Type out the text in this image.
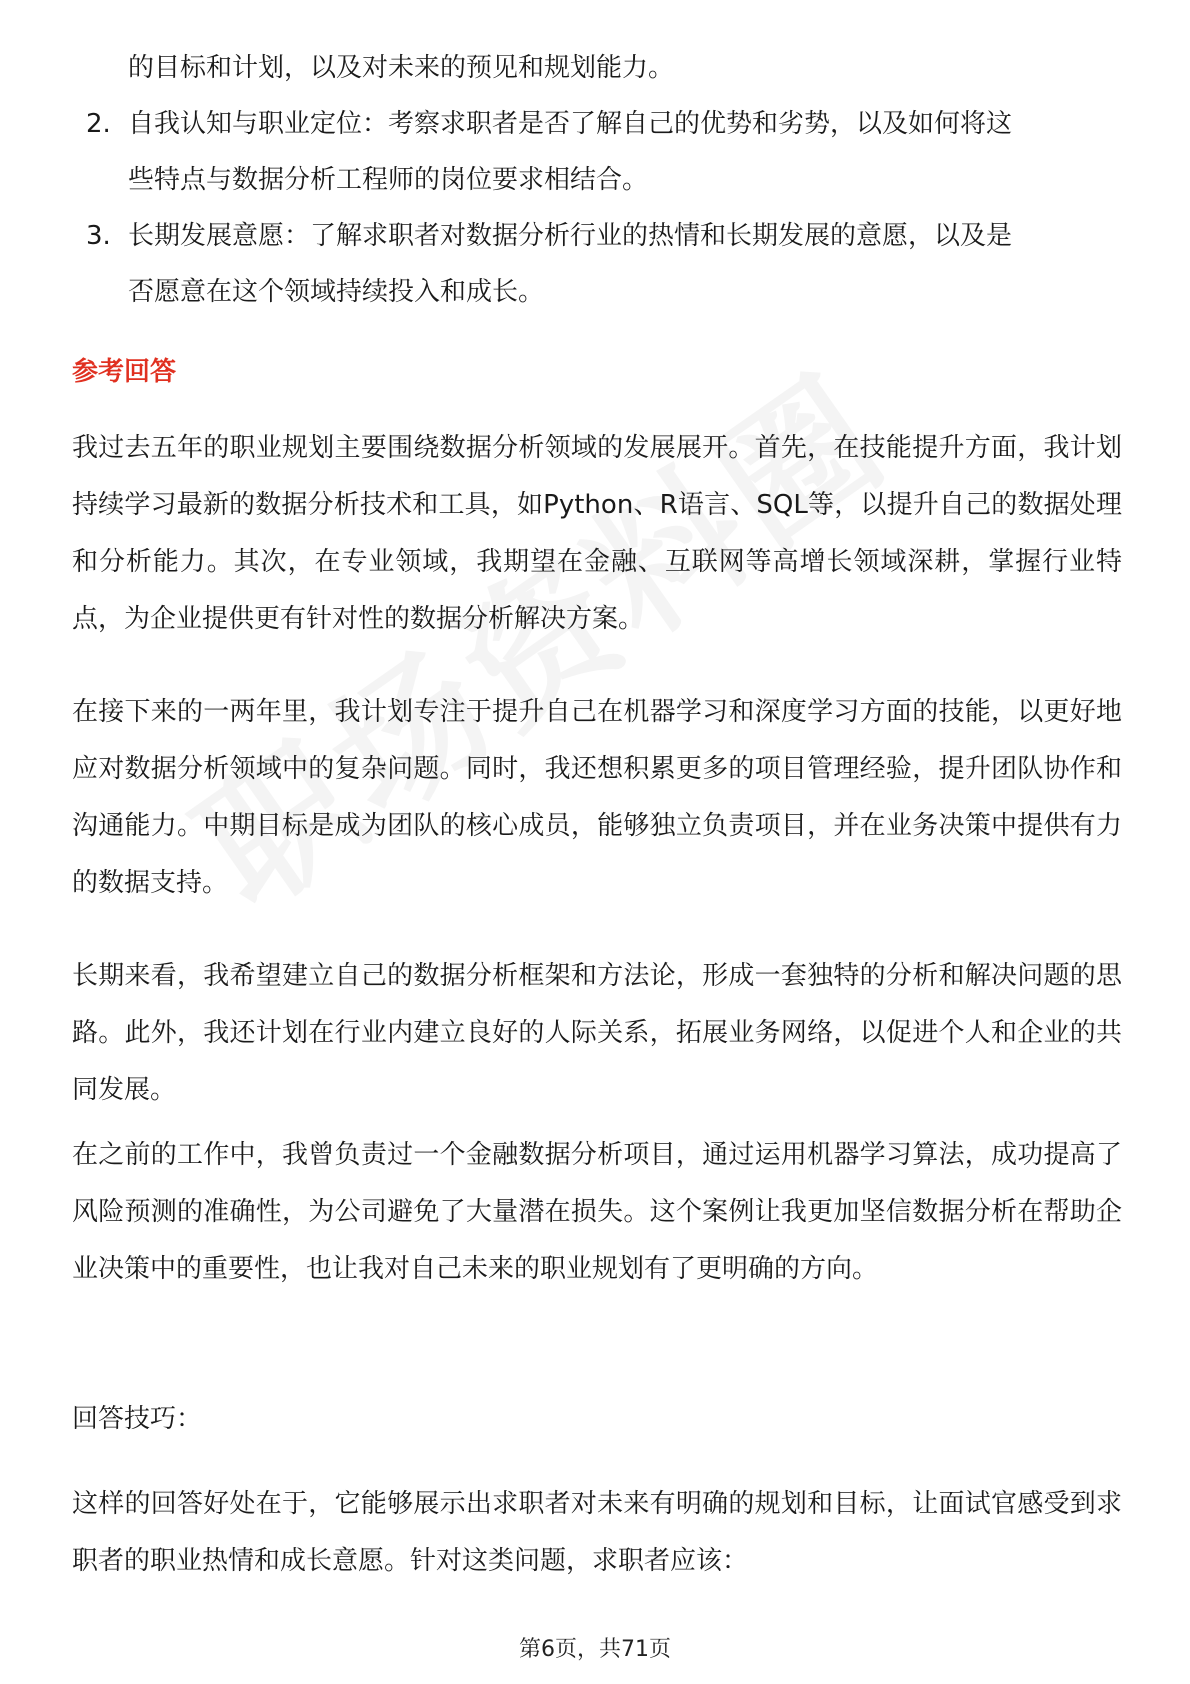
的目标和计划，以及对未来的预见和规划能力。
2. 自我认知与职业定位：考察求职者是否了解自己的优势和劣势，以及如何将这
些特点与数据分析工程师的岗位要求相结合。
3. 长期发展意愿：了解求职者对数据分析行业的热情和长期发展的意愿，以及是
否愿意在这个领域持续投入和成长。
参考回答
我过去五年的职业规划主要围绕数据分析领域的发展展开。首先，在技能提升方面，我计划持续学习最新的数据分析技术和工具，如Python、R语言、SQL等，以提升自己的数据处理和分析能力。其次，在专业领域，我期望在金融、互联网等高增长领域深耕，掌握行业特点，为企业提供更有针对性的数据分析解决方案。
在接下来的一两年里，我计划专注于提升自己在机器学习和深度学习方面的技能，以更好地应对数据分析领域中的复杂问题。同时，我还想积累更多的项目管理经验，提升团队协作和沟通能力。中期目标是成为团队的核心成员，能够独立负责项目，并在业务决策中提供有力的数据支持。
长期来看，我希望建立自己的数据分析框架和方法论，形成一套独特的分析和解决问题的思路。此外，我还计划在行业内建立良好的人际关系，拓展业务网络，以促进个人和企业的共同发展。
在之前的工作中，我曾负责过一个金融数据分析项目，通过运用机器学习算法，成功提高了风险预测的准确性，为公司避免了大量潜在损失。这个案例让我更加坚信数据分析在帮助企业决策中的重要性，也让我对自己未来的职业规划有了更明确的方向。
回答技巧：
这样的回答好处在于，它能够展示出求职者对未来有明确的规划和目标，让面试官感受到求职者的职业热情和成长意愿。针对这类问题，求职者应该：
第6页，共71页
